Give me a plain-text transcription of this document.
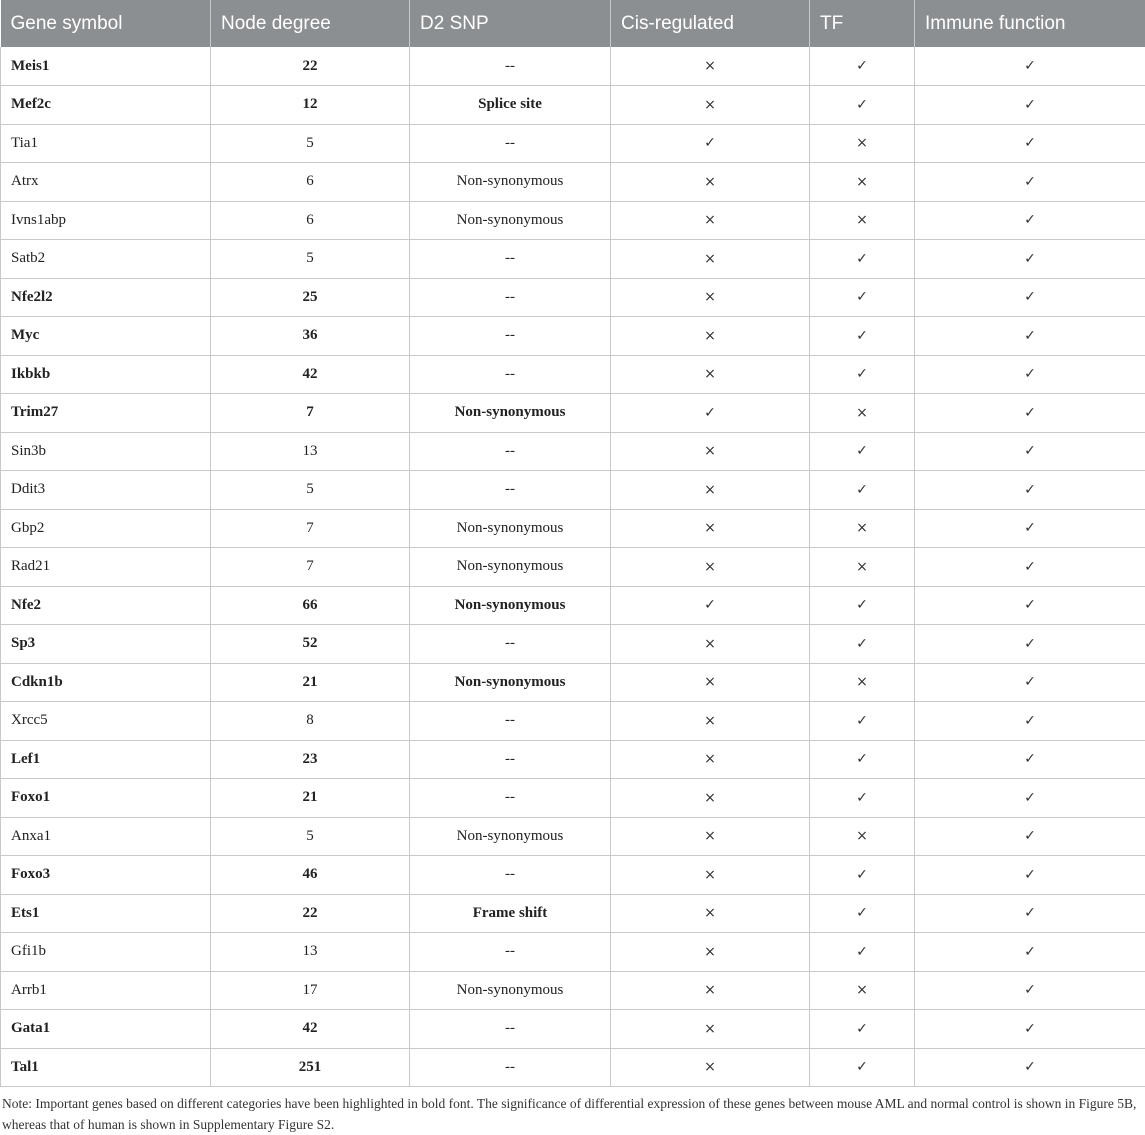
Gene symbol	Node degree	D2 SNP	Cis-regulated	TF	Immune function
Meis1	22	--	×	✓	✓
Mef2c	12	Splice site	×	✓	✓
Tia1	5	--	✓	×	✓
Atrx	6	Non-synonymous	×	×	✓
Ivns1abp	6	Non-synonymous	×	×	✓
Satb2	5	--	×	✓	✓
Nfe2l2	25	--	×	✓	✓
Myc	36	--	×	✓	✓
Ikbkb	42	--	×	✓	✓
Trim27	7	Non-synonymous	✓	×	✓
Sin3b	13	--	×	✓	✓
Ddit3	5	--	×	✓	✓
Gbp2	7	Non-synonymous	×	×	✓
Rad21	7	Non-synonymous	×	×	✓
Nfe2	66	Non-synonymous	✓	✓	✓
Sp3	52	--	×	✓	✓
Cdkn1b	21	Non-synonymous	×	×	✓
Xrcc5	8	--	×	✓	✓
Lef1	23	--	×	✓	✓
Foxo1	21	--	×	✓	✓
Anxa1	5	Non-synonymous	×	×	✓
Foxo3	46	--	×	✓	✓
Ets1	22	Frame shift	×	✓	✓
Gfi1b	13	--	×	✓	✓
Arrb1	17	Non-synonymous	×	×	✓
Gata1	42	--	×	✓	✓
Tal1	251	--	×	✓	✓
Note: Important genes based on different categories have been highlighted in bold font. The significance of differential expression of these genes between mouse AML and normal control is shown in Figure 5B, whereas that of human is shown in Supplementary Figure S2.
